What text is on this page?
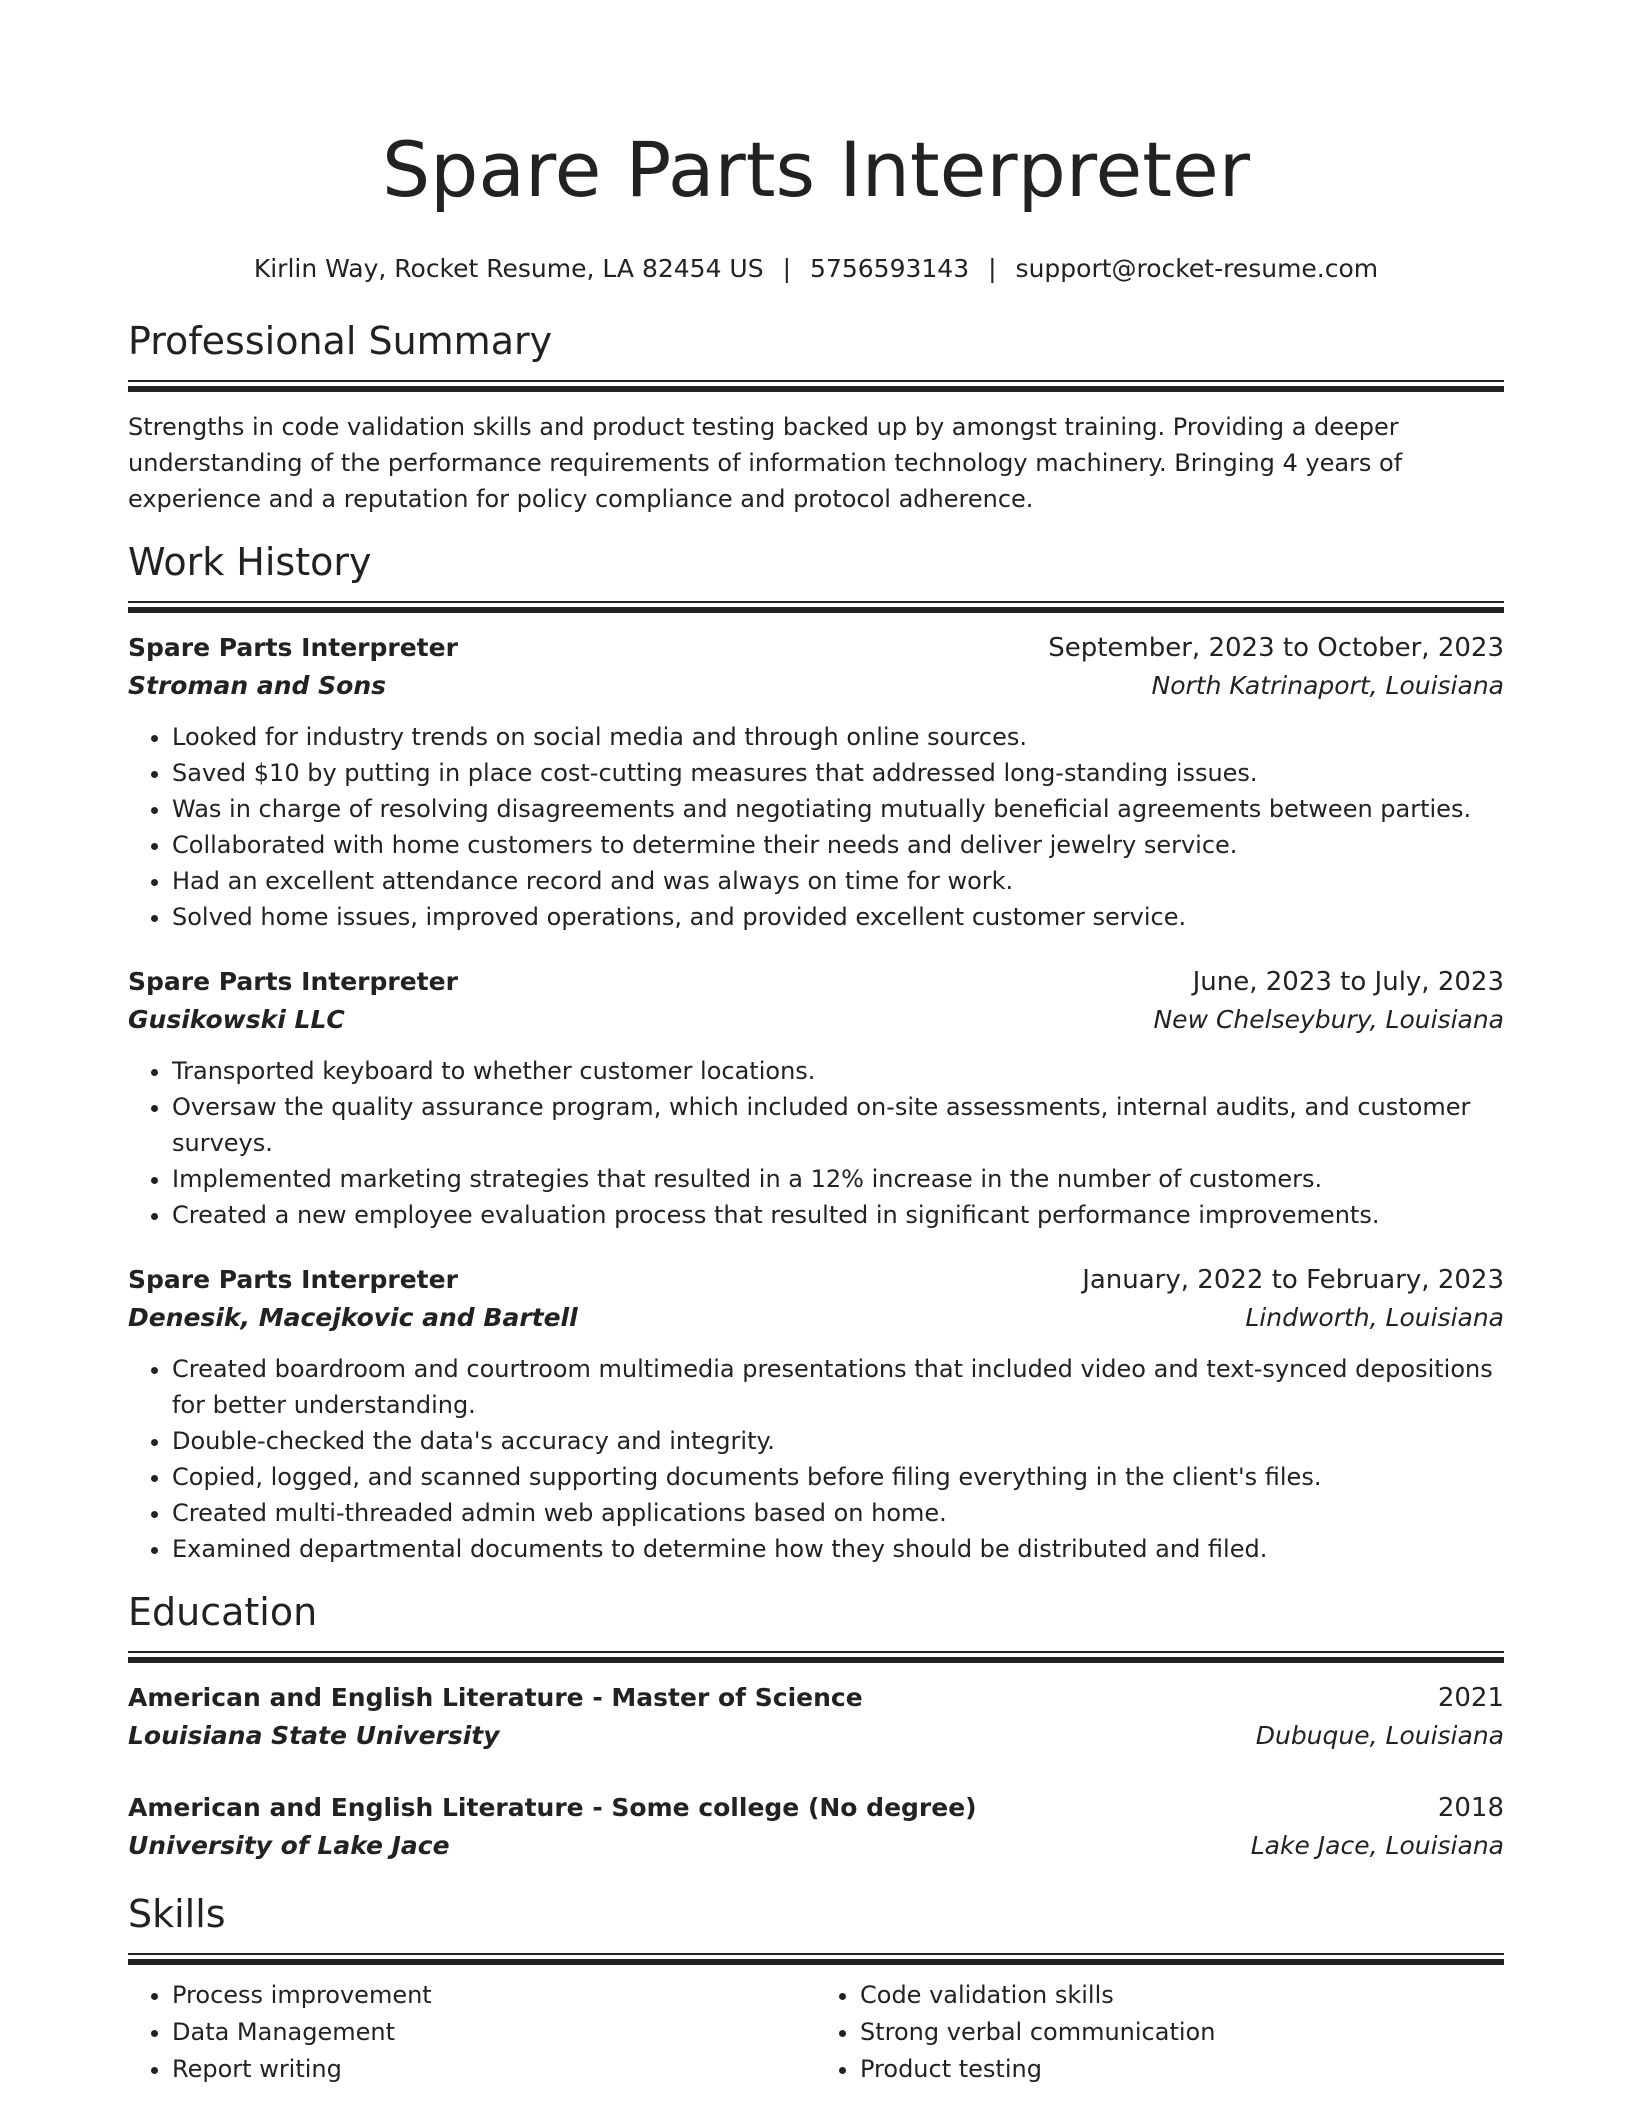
Spare Parts Interpreter
Kirlin Way, Rocket Resume, LA 82454 US | 5756593143 | support@rocket-resume.com
Professional Summary

Strengths in code validation skills and product testing backed up by amongst training. Providing a deeper understanding of the performance requirements of information technology machinery. Bringing 4 years of experience and a reputation for policy compliance and protocol adherence.

Work History
Spare Parts Interpreter	September, 2023 to October, 2023
Stroman and Sons	North Katrinaport, Louisiana
• Looked for industry trends on social media and through online sources.
• Saved $10 by putting in place cost-cutting measures that addressed long-standing issues.
• Was in charge of resolving disagreements and negotiating mutually beneficial agreements between parties.
• Collaborated with home customers to determine their needs and deliver jewelry service.
• Had an excellent attendance record and was always on time for work.
• Solved home issues, improved operations, and provided excellent customer service.
Spare Parts Interpreter	June, 2023 to July, 2023
Gusikowski LLC	New Chelseybury, Louisiana
• Transported keyboard to whether customer locations.
• Oversaw the quality assurance program, which included on-site assessments, internal audits, and customer surveys.
• Implemented marketing strategies that resulted in a 12% increase in the number of customers.
• Created a new employee evaluation process that resulted in significant performance improvements.
Spare Parts Interpreter	January, 2022 to February, 2023
Denesik, Macejkovic and Bartell	Lindworth, Louisiana
• Created boardroom and courtroom multimedia presentations that included video and text-synced depositions for better understanding.
• Double-checked the data's accuracy and integrity.
• Copied, logged, and scanned supporting documents before filing everything in the client's files.
• Created multi-threaded admin web applications based on home.
• Examined departmental documents to determine how they should be distributed and filed.
Education
American and English Literature - Master of Science	2021
Louisiana State University	Dubuque, Louisiana
American and English Literature - Some college (No degree)	2018
University of Lake Jace	Lake Jace, Louisiana
Skills
• Process improvement
• Data Management
• Report writing
• Code validation skills
• Strong verbal communication
• Product testing
